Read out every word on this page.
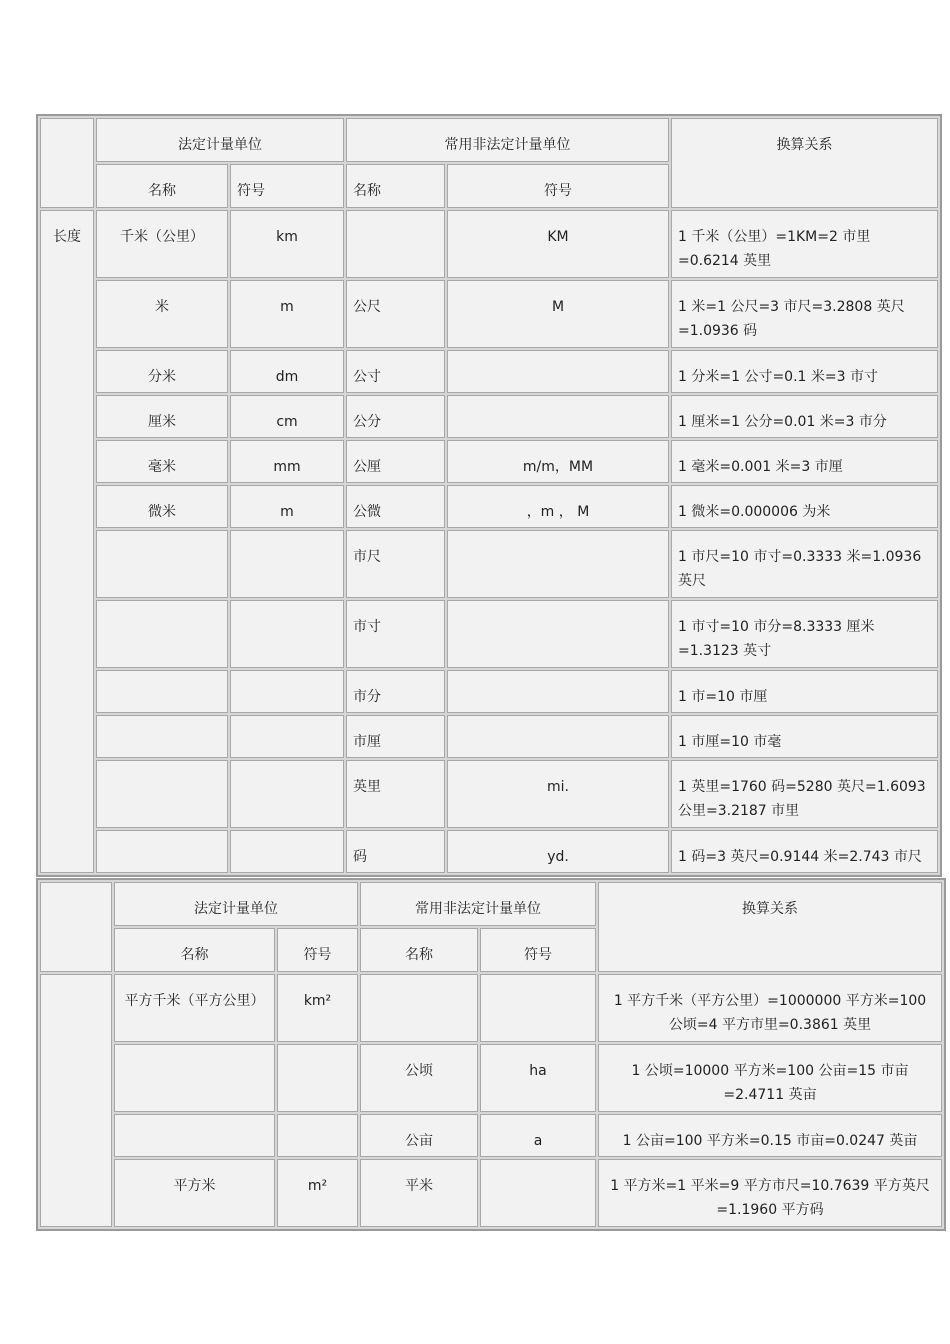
	法定计量单位		常用非法定计量单位		换算关系

	名称	符号	名称	符号	

长度	千米（公里）	km		KM	1 千米（公里）=1KM=2 市里=0.6214 英里

	米	m	公尺	M	1 米=1 公尺=3 市尺=3.2808 英尺=1.0936 码

	分米	dm	公寸		1 分米=1 公寸=0.1 米=3 市寸

	厘米	cm	公分		1 厘米=1 公分=0.01 米=3 市分

	毫米	mm	公厘	m/m，MM	1 毫米=0.001 米=3 市厘

	微米	m	公微	，m ， M	1 微米=0.000006 为米

			市尺		1 市尺=10 市寸=0.3333 米=1.0936 英尺

			市寸		1 市寸=10 市分=8.3333 厘米=1.3123 英寸

			市分		1 市=10 市厘

			市厘		1 市厘=10 市毫

			英里	mi.	1 英里=1760 码=5280 英尺=1.6093 公里=3.2187 市里

			码	yd.	1 码=3 英尺=0.9144 米=2.743 市尺

	法定计量单位		常用非法定计量单位		换算关系

	名称	符号	名称	符号	

	平方千米（平方公里）	km²			1 平方千米（平方公里）=1000000 平方米=100 公顷=4 平方市里=0.3861 英里

			公顷	ha	1 公顷=10000 平方米=100 公亩=15 市亩=2.4711 英亩

			公亩	a	1 公亩=100 平方米=0.15 市亩=0.0247 英亩

	平方米	m²	平米		1 平方米=1 平米=9 平方市尺=10.7639 平方英尺=1.1960 平方码
